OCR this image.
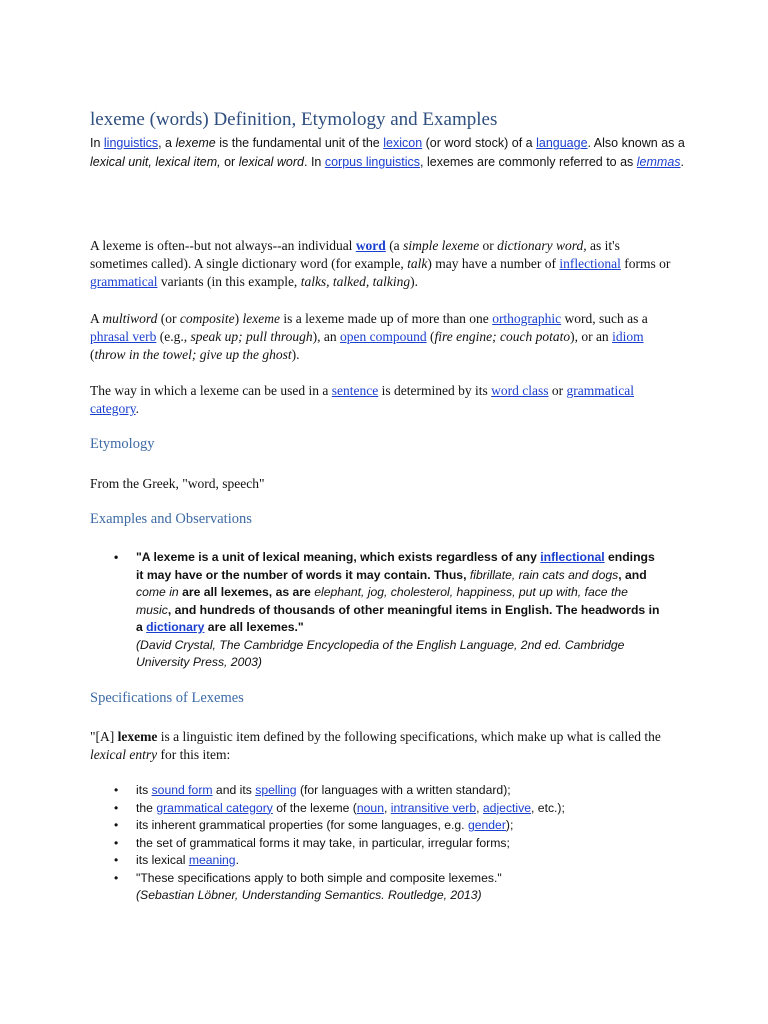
lexeme (words) Definition, Etymology and Examples
In linguistics, a lexeme is the fundamental unit of the lexicon (or word stock) of a language. Also known as a lexical unit, lexical item, or lexical word. In corpus linguistics, lexemes are commonly referred to as lemmas.
A lexeme is often--but not always--an individual word (a simple lexeme or dictionary word, as it's sometimes called). A single dictionary word (for example, talk) may have a number of inflectional forms or grammatical variants (in this example, talks, talked, talking).
A multiword (or composite) lexeme is a lexeme made up of more than one orthographic word, such as a phrasal verb (e.g., speak up; pull through), an open compound (fire engine; couch potato), or an idiom (throw in the towel; give up the ghost).
The way in which a lexeme can be used in a sentence is determined by its word class or grammatical category.
Etymology
From the Greek, "word, speech"
Examples and Observations
• "A lexeme is a unit of lexical meaning, which exists regardless of any inflectional endings it may have or the number of words it may contain. Thus, fibrillate, rain cats and dogs, and come in are all lexemes, as are elephant, jog, cholesterol, happiness, put up with, face the music, and hundreds of thousands of other meaningful items in English. The headwords in a dictionary are all lexemes."
(David Crystal, The Cambridge Encyclopedia of the English Language, 2nd ed. Cambridge University Press, 2003)
Specifications of Lexemes
"[A] lexeme is a linguistic item defined by the following specifications, which make up what is called the lexical entry for this item:
• its sound form and its spelling (for languages with a written standard);
• the grammatical category of the lexeme (noun, intransitive verb, adjective, etc.);
• its inherent grammatical properties (for some languages, e.g. gender);
• the set of grammatical forms it may take, in particular, irregular forms;
• its lexical meaning.
• "These specifications apply to both simple and composite lexemes."
(Sebastian Löbner, Understanding Semantics. Routledge, 2013)
